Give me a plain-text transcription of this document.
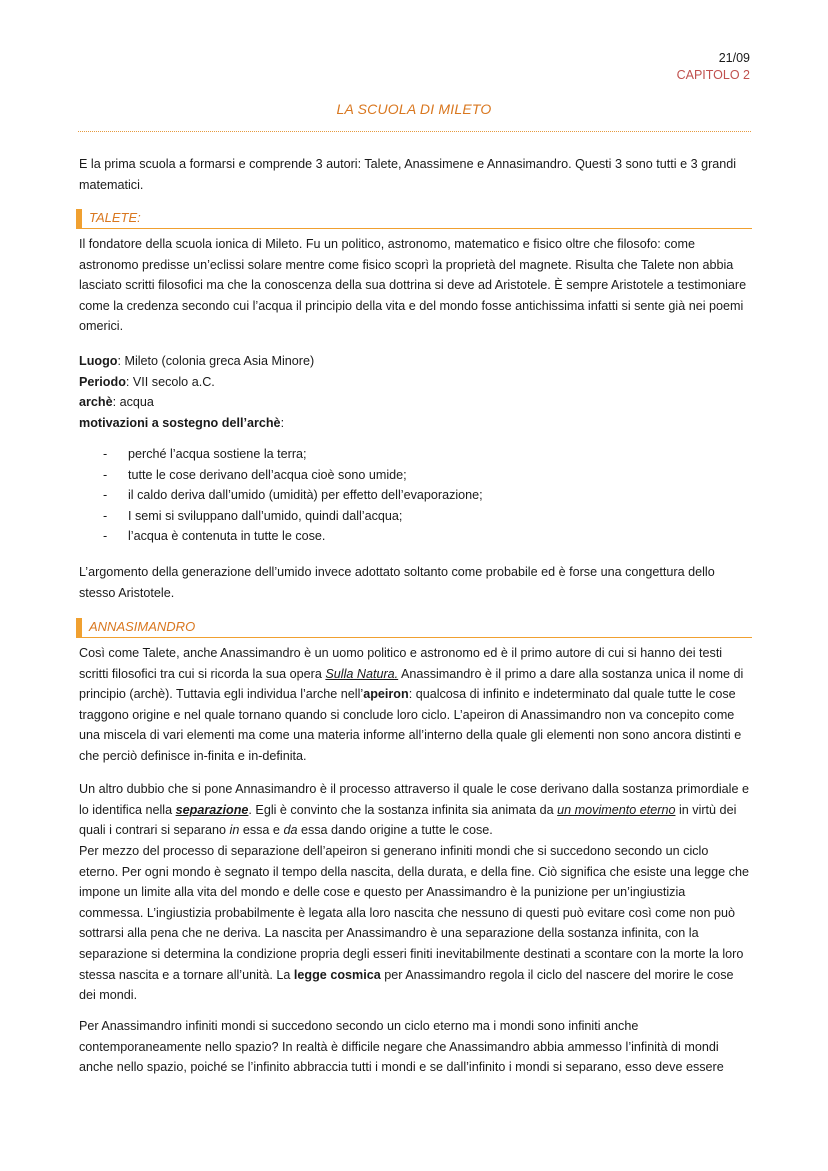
21/09
CAPITOLO 2
LA SCUOLA DI MILETO

E la prima scuola a formarsi e comprende 3 autori: Talete, Anassimene e Annasimandro. Questi 3 sono tutti e 3 grandi matematici.

TALETE:

Il fondatore della scuola ionica di Mileto. Fu un politico, astronomo, matematico e fisico oltre che filosofo: come astronomo predisse un’eclissi solare mentre come fisico scoprì la proprietà del magnete. Risulta che Talete non abbia lasciato scritti filosofici ma che la conoscenza della sua dottrina si deve ad Aristotele. È sempre Aristotele a testimoniare come la credenza secondo cui l’acqua il principio della vita e del mondo fosse antichissima infatti si sente già nei poemi omerici.

Luogo: Mileto (colonia greca Asia Minore)
Periodo: VII secolo a.C.
archè: acqua
motivazioni a sostegno dell’archè:
- perché l’acqua sostiene la terra;
- tutte le cose derivano dell’acqua cioè sono umide;
- il caldo deriva dall’umido (umidità) per effetto dell’evaporazione;
- I semi si sviluppano dall’umido, quindi dall’acqua;
- l’acqua è contenuta in tutte le cose.

L’argomento della generazione dell’umido invece adottato soltanto come probabile ed è forse una congettura dello stesso Aristotele.

ANNASIMANDRO

Così come Talete, anche Anassimandro è un uomo politico e astronomo ed è il primo autore di cui si hanno dei testi scritti filosofici tra cui si ricorda la sua opera Sulla Natura. Anassimandro è il primo a dare alla sostanza unica il nome di principio (archè). Tuttavia egli individua l’arche nell’apeiron: qualcosa di infinito e indeterminato dal quale tutte le cose traggono origine e nel quale tornano quando si conclude loro ciclo. L’apeiron di Anassimandro non va concepito come una miscela di vari elementi ma come una materia informe all’interno della quale gli elementi non sono ancora distinti e che perciò definisce in-finita e in-definita.

Un altro dubbio che si pone Annasimandro è il processo attraverso il quale le cose derivano dalla sostanza primordiale e lo identifica nella separazione. Egli è convinto che la sostanza infinita sia animata da un movimento eterno in virtù dei quali i contrari si separano in essa e da essa dando origine a tutte le cose.

Per mezzo del processo di separazione dell’apeiron si generano infiniti mondi che si succedono secondo un ciclo eterno. Per ogni mondo è segnato il tempo della nascita, della durata, e della fine. Ciò significa che esiste una legge che impone un limite alla vita del mondo e delle cose e questo per Anassimandro è la punizione per un’ingiustizia commessa. L’ingiustizia probabilmente è legata alla loro nascita che nessuno di questi può evitare così come non può sottrarsi alla pena che ne deriva. La nascita per Anassimandro è una separazione della sostanza infinita, con la separazione si determina la condizione propria degli esseri finiti inevitabilmente destinati a scontare con la morte la loro stessa nascita e a tornare all’unità. La legge cosmica per Anassimandro regola il ciclo del nascere del morire le cose dei mondi.

Per Anassimandro infiniti mondi si succedono secondo un ciclo eterno ma i mondi sono infiniti anche contemporaneamente nello spazio? In realtà è difficile negare che Anassimandro abbia ammesso l’infinità di mondi anche nello spazio, poiché se l’infinito abbraccia tutti i mondi e se dall’infinito i mondi si separano, esso deve essere
